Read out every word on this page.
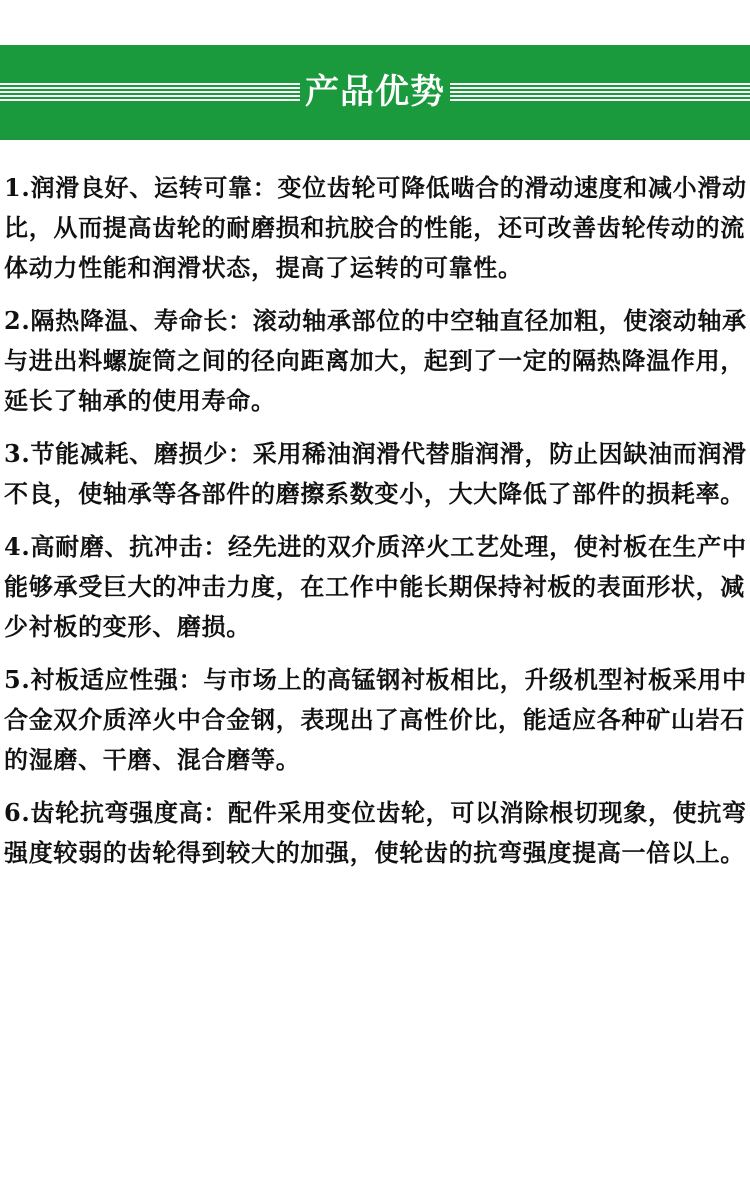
产品优势

1.润滑良好、运转可靠：变位齿轮可降低啮合的滑动速度和减小滑动比，从而提高齿轮的耐磨损和抗胶合的性能，还可改善齿轮传动的流体动力性能和润滑状态，提高了运转的可靠性。

2.隔热降温、寿命长：滚动轴承部位的中空轴直径加粗，使滚动轴承与进出料螺旋筒之间的径向距离加大，起到了一定的隔热降温作用，延长了轴承的使用寿命。

3.节能减耗、磨损少：采用稀油润滑代替脂润滑，防止因缺油而润滑不良，使轴承等各部件的磨擦系数变小，大大降低了部件的损耗率。

4.高耐磨、抗冲击：经先进的双介质淬火工艺处理，使衬板在生产中能够承受巨大的冲击力度，在工作中能长期保持衬板的表面形状，减少衬板的变形、磨损。

5.衬板适应性强：与市场上的高锰钢衬板相比，升级机型衬板采用中合金双介质淬火中合金钢，表现出了高性价比，能适应各种矿山岩石的湿磨、干磨、混合磨等。

6.齿轮抗弯强度高：配件采用变位齿轮，可以消除根切现象，使抗弯强度较弱的齿轮得到较大的加强，使轮齿的抗弯强度提高一倍以上。
